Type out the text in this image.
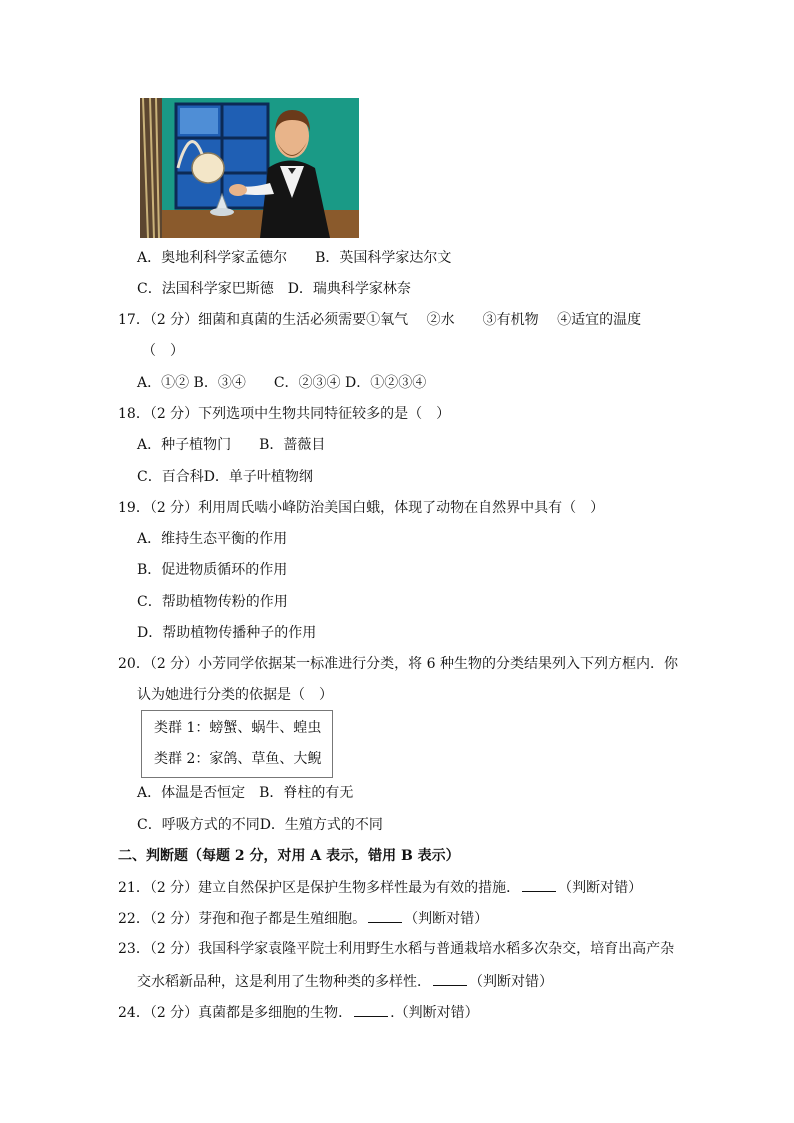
A．奥地利科学家孟德尔　　B．英国科学家达尔文
C．法国科学家巴斯德　D．瑞典科学家林奈
17．（2 分）细菌和真菌的生活必须需要①氧气　 ②水　　③有机物　 ④适宜的温度
（　）
A．①② B．③④　　C．②③④ D．①②③④
18．（2 分）下列选项中生物共同特征较多的是（　）
A．种子植物门　　B．蔷薇目
C．百合科D．单子叶植物纲
19．（2 分）利用周氏啮小峰防治美国白蛾，体现了动物在自然界中具有（　）
A．维持生态平衡的作用
B．促进物质循环的作用
C．帮助植物传粉的作用
D．帮助植物传播种子的作用
20．（2 分）小芳同学依据某一标准进行分类，将 6 种生物的分类结果列入下列方框内．你
认为她进行分类的依据是（　）
类群 1：螃蟹、蜗牛、蝗虫
类群 2：家鸽、草鱼、大鲵
A．体温是否恒定　B．脊柱的有无
C．呼吸方式的不同D．生殖方式的不同
二、判断题（每题 2 分，对用 A 表示，错用 B 表示）
21．（2 分）建立自然保护区是保护生物多样性最为有效的措施．	（判断对错）
22．（2 分）芽孢和孢子都是生殖细胞。	（判断对错）
23．（2 分）我国科学家袁隆平院士利用野生水稻与普通栽培水稻多次杂交，培育出高产杂
交水稻新品种，这是利用了生物种类的多样性．	（判断对错）
24．（2 分）真菌都是多细胞的生物．	.（判断对错）
